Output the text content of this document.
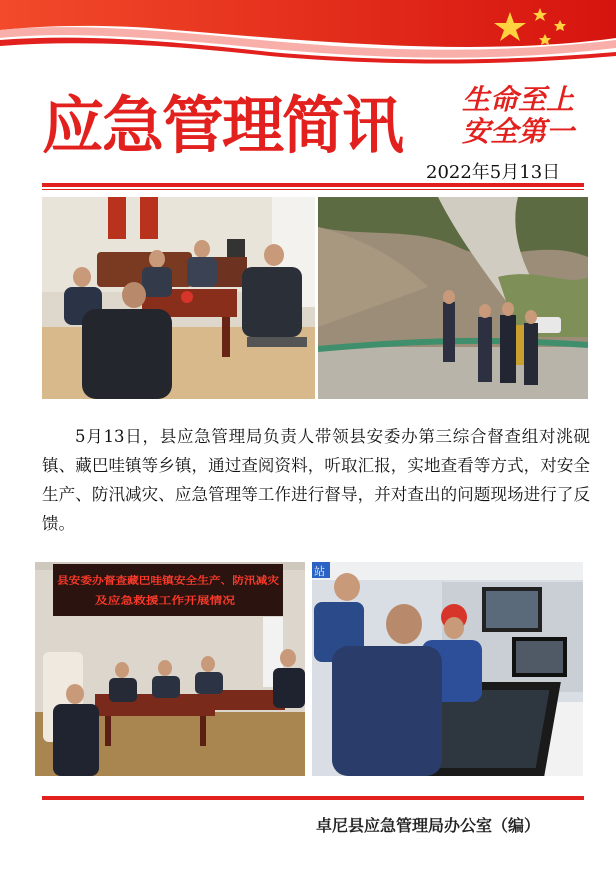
应急管理简讯 生命至上
安全第一
2022年5月13日

5月13日，县应急管理局负责人带领县安委办第三综合督查组对洮砚镇、藏巴哇镇等乡镇，通过查阅资料，听取汇报，实地查看等方式，对安全生产、防汛减灾、应急管理等工作进行督导，并对查出的问题现场进行了反馈。

县安委办督查藏巴哇镇安全生产、防汛减灾
及应急救援工作开展情况
站
卓尼县应急管理局办公室（编）
